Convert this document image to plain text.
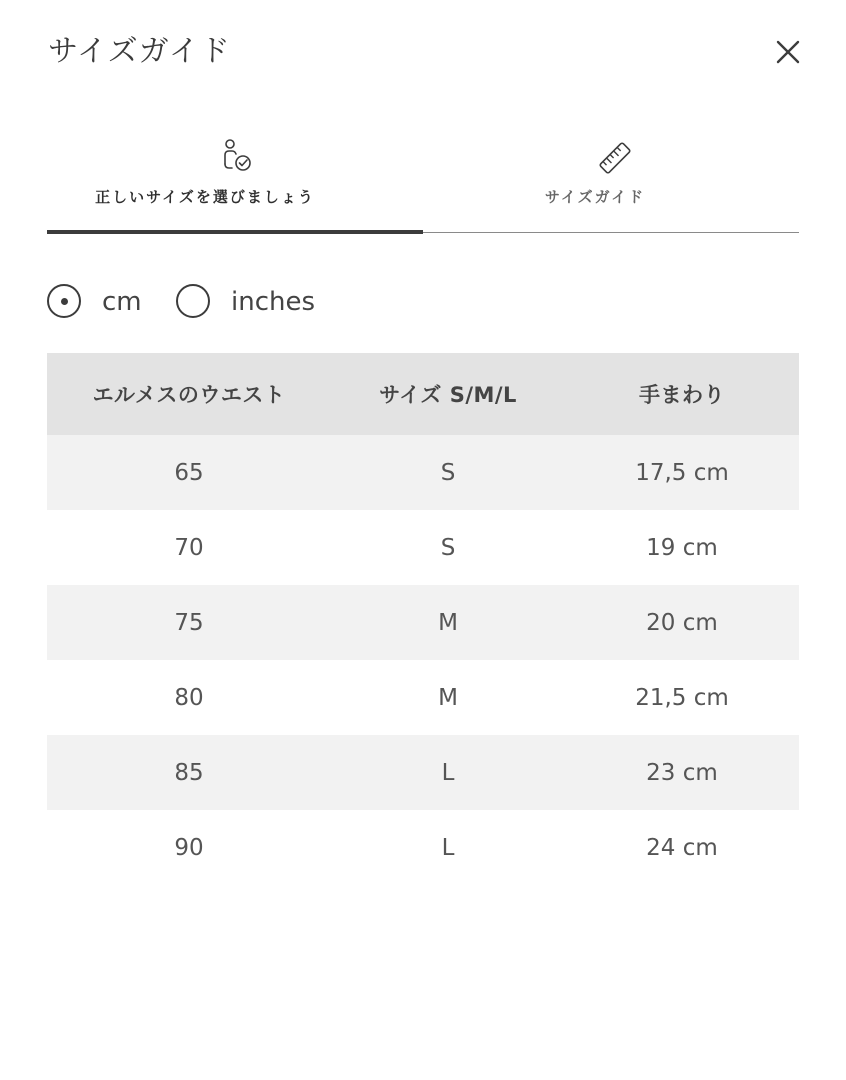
サイズガイド
正しいサイズを選びましょう	サイズガイド
cm	inches
エルメスのウエスト	サイズ S/M/L	手まわり
65	S	17,5 cm
70	S	19 cm
75	M	20 cm
80	M	21,5 cm
85	L	23 cm
90	L	24 cm
